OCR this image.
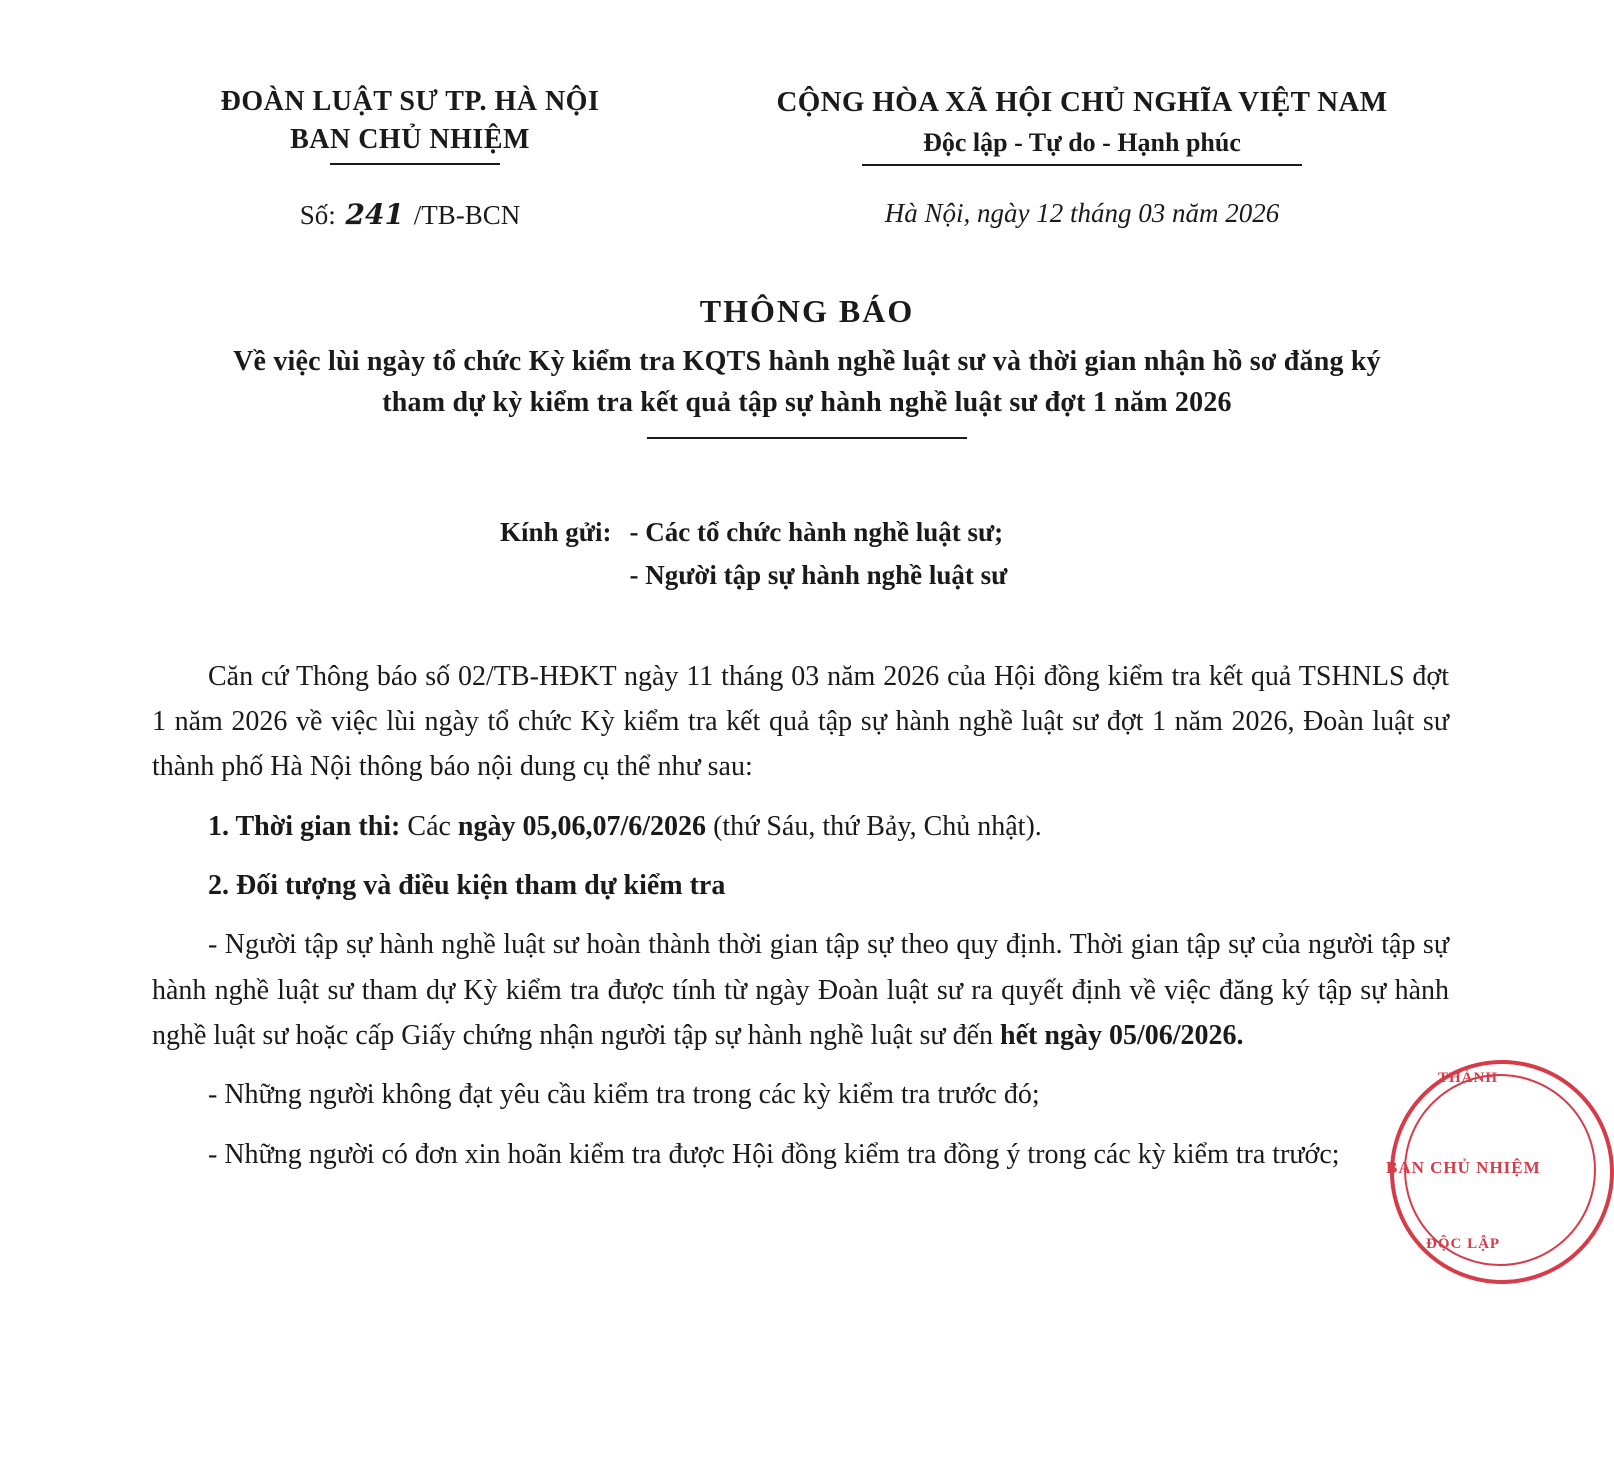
ĐOÀN LUẬT SƯ TP. HÀ NỘI
BAN CHỦ NHIỆM
CỘNG HÒA XÃ HỘI CHỦ NGHĨA VIỆT NAM
Độc lập - Tự do - Hạnh phúc
Số: 241 /TB-BCN	Hà Nội, ngày 12 tháng 03 năm 2026
THÔNG BÁO
Về việc lùi ngày tổ chức Kỳ kiểm tra KQTS hành nghề luật sư và thời gian nhận hồ sơ đăng ký tham dự kỳ kiểm tra kết quả tập sự hành nghề luật sư đợt 1 năm 2026
Kính gửi: - Các tổ chức hành nghề luật sư;
- Người tập sự hành nghề luật sư

Căn cứ Thông báo số 02/TB-HĐKT ngày 11 tháng 03 năm 2026 của Hội đồng kiểm tra kết quả TSHNLS đợt 1 năm 2026 về việc lùi ngày tổ chức Kỳ kiểm tra kết quả tập sự hành nghề luật sư đợt 1 năm 2026, Đoàn luật sư thành phố Hà Nội thông báo nội dung cụ thể như sau:

1. Thời gian thi: Các ngày 05,06,07/6/2026 (thứ Sáu, thứ Bảy, Chủ nhật).

2. Đối tượng và điều kiện tham dự kiểm tra

- Người tập sự hành nghề luật sư hoàn thành thời gian tập sự theo quy định. Thời gian tập sự của người tập sự hành nghề luật sư tham dự Kỳ kiểm tra được tính từ ngày Đoàn luật sư ra quyết định về việc đăng ký tập sự hành nghề luật sư hoặc cấp Giấy chứng nhận người tập sự hành nghề luật sư đến hết ngày 05/06/2026.

- Những người không đạt yêu cầu kiểm tra trong các kỳ kiểm tra trước đó;

- Những người có đơn xin hoãn kiểm tra được Hội đồng kiểm tra đồng ý trong các kỳ kiểm tra trước;

THÀNH
BAN CHỦ NHIỆM
ĐỘC LẬP
